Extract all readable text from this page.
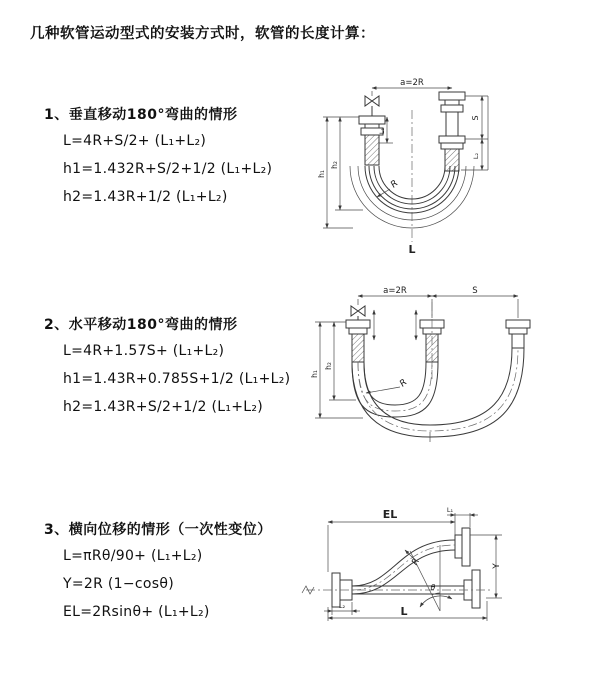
几种软管运动型式的安装方式时，软管的长度计算：
1、垂直移动180°弯曲的情形
L=4R+S/2+ (L₁+L₂)
h1=1.432R+S/2+1/2 (L₁+L₂)
h2=1.43R+1/2 (L₁+L₂)
2、水平移动180°弯曲的情形
L=4R+1.57S+ (L₁+L₂)
h1=1.43R+0.785S+1/2 (L₁+L₂)
h2=1.43R+S/2+1/2 (L₁+L₂)
3、横向位移的情形（一次性变位）
L=πRθ/90+ (L₁+L₂)
Y=2R (1−cosθ)
EL=2Rsinθ+ (L₁+L₂)
a=2R
h₁
h₂
L₁
S
L₂
R
L
a=2R	S
h₁
h₂
R
EL	L₁
θ
R	Y
L₂	L
